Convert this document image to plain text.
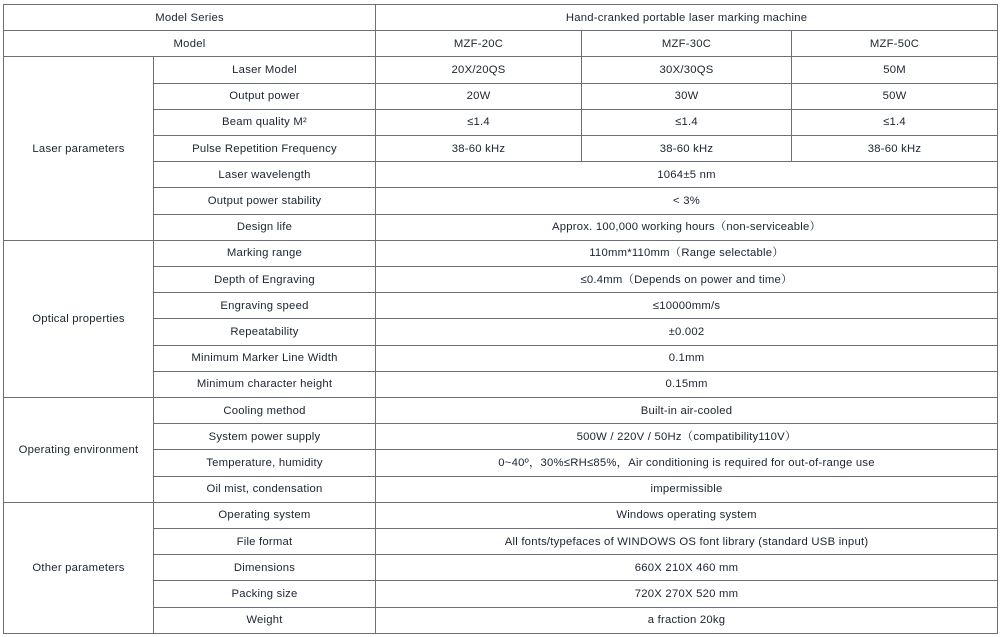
Model Series		Hand-cranked portable laser marking machine		
Model		MZF-20C	MZF-30C	MZF-50C
Laser parameters	Laser Model	20X/20QS	30X/30QS	50M
	Output power	20W	30W	50W
	Beam quality M²	≤1.4	≤1.4	≤1.4
	Pulse Repetition Frequency	38-60 kHz	38-60 kHz	38-60 kHz
	Laser wavelength	1064±5 nm		
	Output power stability	< 3%		
	Design life	Approx. 100,000 working hours（non-serviceable）		
Optical properties	Marking range	110mm*110mm（Range selectable）		
	Depth of Engraving	≤0.4mm（Depends on power and time）		
	Engraving speed	≤10000mm/s		
	Repeatability	±0.002		
	Minimum Marker Line Width	0.1mm		
	Minimum character height	0.15mm		
Operating environment	Cooling method	Built-in air-cooled		
	System power supply	500W / 220V / 50Hz（compatibility110V）		
	Temperature, humidity	0~40º，30%≤RH≤85%，Air conditioning is required for out-of-range use		
	Oil mist, condensation	impermissible		
Other parameters	Operating system	Windows operating system		
	File format	All fonts/typefaces of WINDOWS OS font library (standard USB input)		
	Dimensions	660X 210X 460 mm		
	Packing size	720X 270X 520 mm		
	Weight	a fraction 20kg		
